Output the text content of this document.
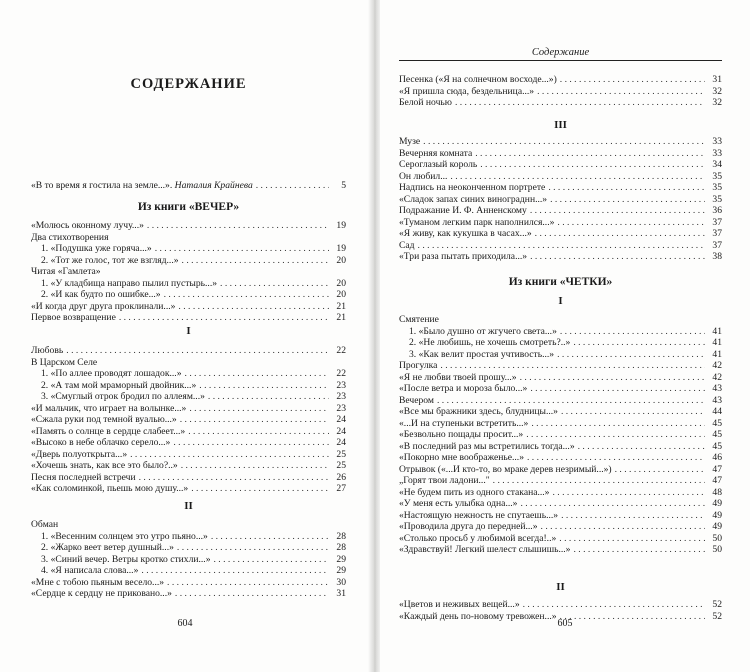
СОДЕРЖАНИЕ
«В то время я гостила на земле...». Наталия Крайнева . . .	5
Из книги «ВЕЧЕР»
«Молюсь оконному лучу...» . . .	19
Два стихотворения
1. «Подушка уже горяча...» . . .	19
2. «Тот же голос, тот же взгляд...» . . .	20
Читая «Гамлета»
1. «У кладбища направо пылил пустырь...» . . .	20
2. «И как будто по ошибке...» . . .	20
«И когда друг друга проклинали...» . . .	21
Первое возвращение . . .	21
I
Любовь . . .	22
В Царском Селе
1. «По аллее проводят лошадок...» . . .	22
2. «А там мой мраморный двойник...» . . .	23
3. «Смуглый отрок бродил по аллеям...» . . .	23
«И мальчик, что играет на волынке...» . . .	23
«Сжала руки под темной вуалью...» . . .	24
«Память о солнце в сердце слабеет...» . . .	24
«Высоко в небе облачко серело...» . . .	24
«Дверь полуоткрыта...» . . .	25
«Хочешь знать, как все это было?..» . . .	25
Песня последней встречи . . .	26
«Как соломинкой, пьешь мою душу...» . . .	27
II
Обман
1. «Весенним солнцем это утро пьяно...» . . .	28
2. «Жарко веет ветер душный...» . . .	28
3. «Синий вечер. Ветры кротко стихли...» . . .	29
4. «Я написала слова...» . . .	29
«Мне с тобою пьяным весело...» . . .	30
«Сердце к сердцу не приковано...» . . .	31
604
Содержание
Песенка («Я на солнечном восходе...») . . .	31
«Я пришла сюда, бездельница...» . . .	32
Белой ночью . . .	32
III
Музе . . .	33
Вечерняя комната . . .	33
Сероглазый король . . .	34
Он любил... . . .	35
Надпись на неоконченном портрете . . .	35
«Сладок запах синих винограднн...» . . .	35
Подражание И. Ф. Анненскому . . .	36
«Туманом легким парк наполнился...» . . .	37
«Я живу, как кукушка в часах...» . . .	37
Сад . . .	37
«Три раза пытать приходила...» . . .	38
Из книги «ЧЕТКИ»
I
Смятение
1. «Было душно от жгучего света...» . . .	41
2. «Не любишь, не хочешь смотреть?..» . . .	41
3. «Как велит простая учтивость...» . . .	41
Прогулка . . .	42
«Я не любви твоей прошу...» . . .	42
«После ветра и мороза было...» . . .	43
Вечером . . .	43
«Все мы бражники здесь, блудницы...» . . .	44
«...И на ступеньки встретить...» . . .	45
«Безвольно пощады просит...» . . .	45
«В последний раз мы встретились тогда...» . . .	45
«Покорно мне воображенье...» . . .	46
Отрывок («...И кто-то, во мраке дерев незримый...») . . .	47
„Горят твои ладони..." . . .	47
«Не будем пить из одного стакана...» . . .	48
«У меня есть улыбка одна...» . . .	49
«Настоящую нежность не спутаешь...» . . .	49
«Проводила друга до передней...» . . .	49
«Столько просьб у любимой всегда!..» . . .	50
«Здравствуй! Легкий шелест слышишь...» . . .	50
II
«Цветов и неживых вещей...» . . .	52
«Каждый день по-новому тревожен...» . . .	52
605
